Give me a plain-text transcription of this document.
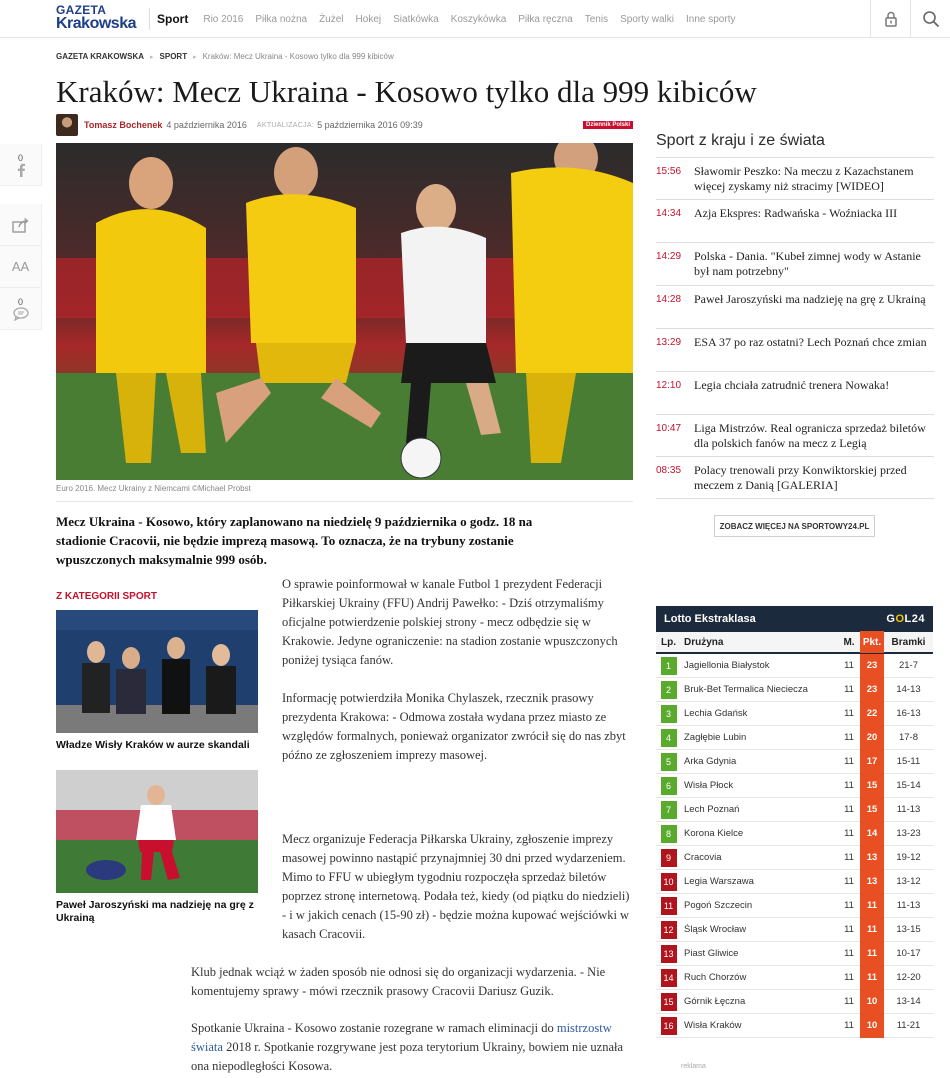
GAZETA
Krakowska	Sport Rio 2016 Piłka nożna Żużel Hokej Siatkówka Koszykówka Piłka ręczna Tenis Sporty walki Inne sporty
GAZETA KRAKOWSKA ▸ SPORT ▸ Kraków: Mecz Ukraina - Kosowo tylko dla 999 kibiców
Kraków: Mecz Ukraina - Kosowo tylko dla 999 kibiców
Tomasz Bochenek 4 października 2016 AKTUALIZACJA: 5 października 2016 09:39	Dziennik Polski
0
AA
0
Euro 2016. Mecz Ukrainy z Niemcami ©Michael Probst

Mecz Ukraina - Kosowo, który zaplanowano na niedzielę 9 października o godz. 18 na stadionie Cracovii, nie będzie imprezą masową. To oznacza, że na trybuny zostanie wpuszczonych maksymalnie 999 osób.

Z KATEGORII SPORT
Władze Wisły Kraków w aurze skandali
Paweł Jaroszyński ma nadzieję na grę z Ukrainą

O sprawie poinformował w kanale Futbol 1 prezydent Federacji Piłkarskiej Ukrainy (FFU) Andrij Pawełko: - Dziś otrzymaliśmy oficjalne potwierdzenie polskiej strony - mecz odbędzie się w Krakowie. Jedyne ograniczenie: na stadion zostanie wpuszczonych poniżej tysiąca fanów.

Informację potwierdziła Monika Chylaszek, rzecznik prasowy prezydenta Krakowa: - Odmowa została wydana przez miasto ze względów formalnych, ponieważ organizator zwrócił się do nas zbyt późno ze zgłoszeniem imprezy masowej.

Mecz organizuje Federacja Piłkarska Ukrainy, zgłoszenie imprezy masowej powinno nastąpić przynajmniej 30 dni przed wydarzeniem. Mimo to FFU w ubiegłym tygodniu rozpoczęła sprzedaż biletów poprzez stronę internetową. Podała też, kiedy (od piątku do niedzieli) - i w jakich cenach (15-90 zł) - będzie można kupować wejściówki w kasach Cracovii.

Klub jednak wciąż w żaden sposób nie odnosi się do organizacji wydarzenia. - Nie komentujemy sprawy - mówi rzecznik prasowy Cracovii Dariusz Guzik.

Spotkanie Ukraina - Kosowo zostanie rozegrane w ramach eliminacji do mistrzostw świata 2018 r. Spotkanie rozgrywane jest poza terytorium Ukrainy, bowiem nie uznała ona niepodległości Kosowa.

Sport z kraju i ze świata
15:56	Sławomir Peszko: Na meczu z Kazachstanem więcej zyskamy niż stracimy [WIDEO]
14:34	Azja Ekspres: Radwańska - Woźniacka III
14:29	Polska - Dania. "Kubeł zimnej wody w Astanie był nam potrzebny"
14:28	Paweł Jaroszyński ma nadzieję na grę z Ukrainą
13:29	ESA 37 po raz ostatni? Lech Poznań chce zmian
12:10	Legia chciała zatrudnić trenera Nowaka!
10:47	Liga Mistrzów. Real ogranicza sprzedaż biletów dla polskich fanów na mecz z Legią
08:35	Polacy trenowali przy Konwiktorskiej przed meczem z Danią [GALERIA]
ZOBACZ WIĘCEJ NA SPORTOWY24.PL
Lotto Ekstraklasa	GOL24
Lp. Drużyna	M. Pkt.	Bramki
1	Jagiellonia Białystok	11	23	21-7
2	Bruk-Bet Termalica Nieciecza	11	23	14-13
3	Lechia Gdańsk	11	22	16-13
4	Zagłębie Lubin	11	20	17-8
5	Arka Gdynia	11	17	15-11
6	Wisła Płock	11	15	15-14
7	Lech Poznań	11	15	11-13
8	Korona Kielce	11	14	13-23
9	Cracovia	11	13	19-12
10	Legia Warszawa	11	13	13-12
11	Pogoń Szczecin	11	11	11-13
12	Śląsk Wrocław	11	11	13-15
13	Piast Gliwice	11	11	10-17
14	Ruch Chorzów	11	11	12-20
15	Górnik Łęczna	11	10	13-14
16	Wisła Kraków	11	10	11-21
reklama
